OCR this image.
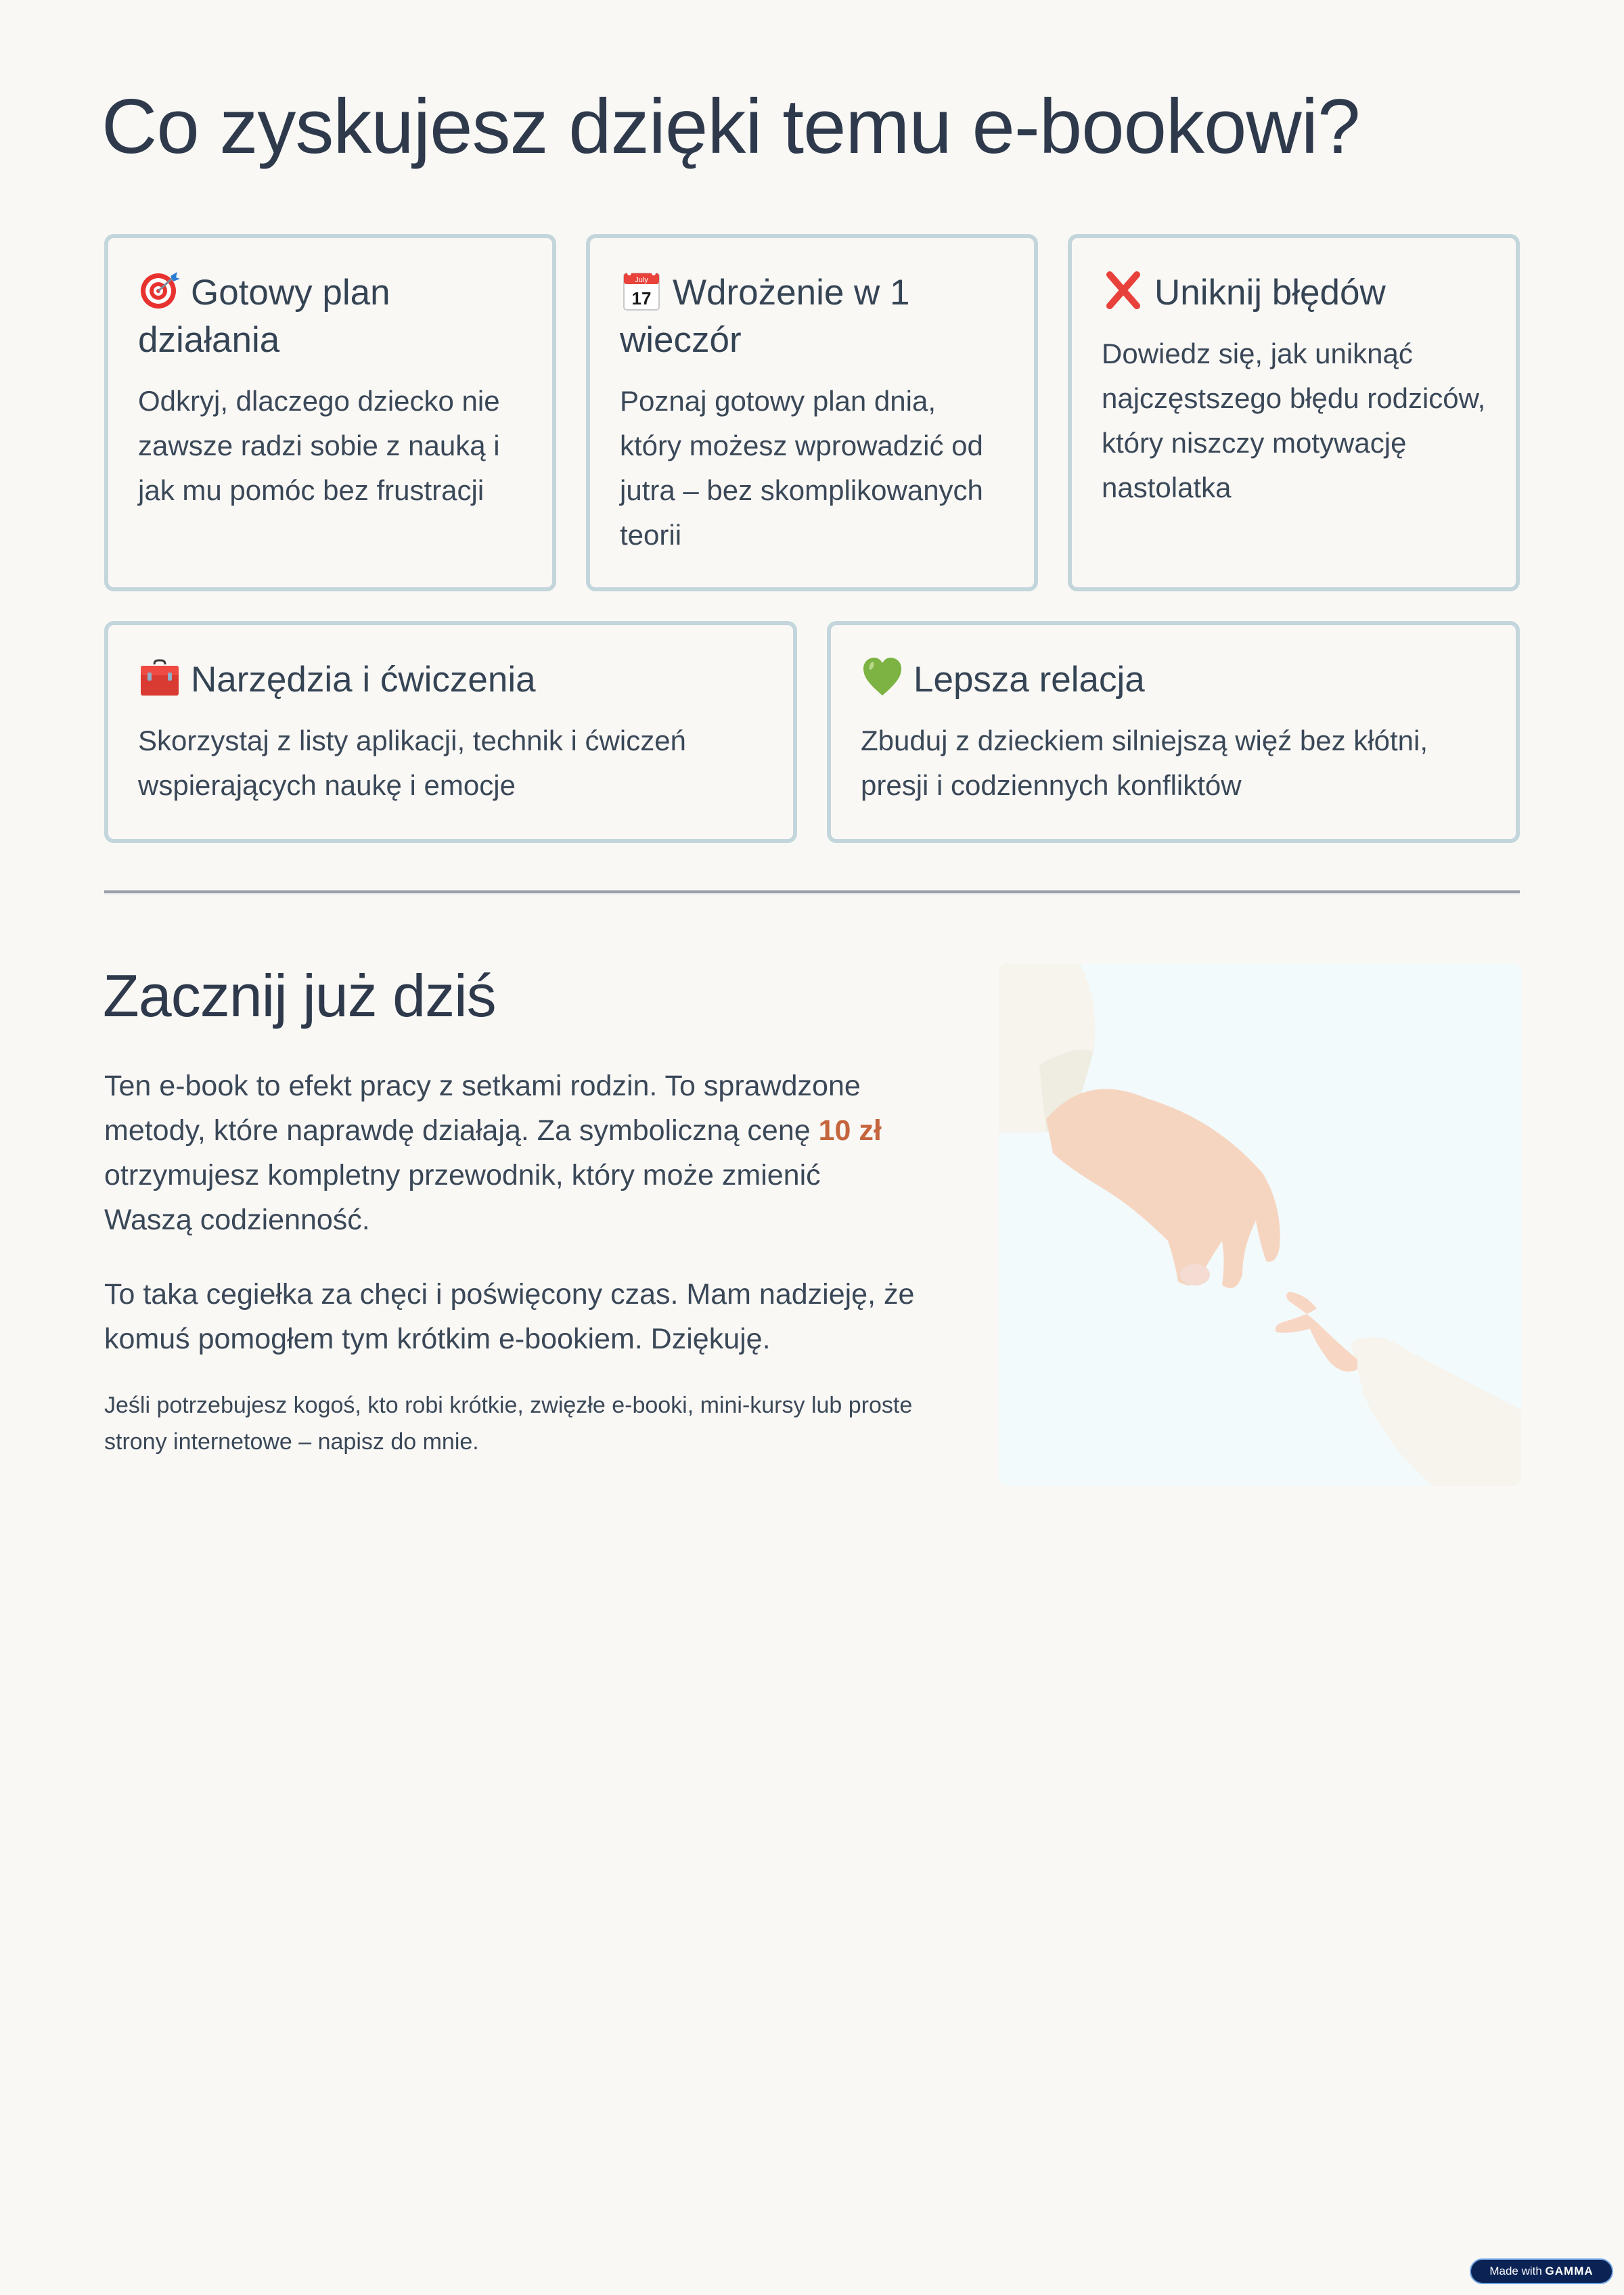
Co zyskujesz dzięki temu e-bookowi?
Gotowy plan działania

Odkryj, dlaczego dziecko nie zawsze radzi sobie z nauką i jak mu pomóc bez frustracji

July
17 Wdrożenie w 1 wieczór

Poznaj gotowy plan dnia, który możesz wprowadzić od jutra – bez skomplikowanych teorii

Uniknij błędów

Dowiedz się, jak uniknąć najczęstszego błędu rodziców, który niszczy motywację nastolatka

Narzędzia i ćwiczenia

Skorzystaj z listy aplikacji, technik i ćwiczeń wspierających naukę i emocje

Lepsza relacja

Zbuduj z dzieckiem silniejszą więź bez kłótni, presji i codziennych konfliktów

Zacznij już dziś

Ten e-book to efekt pracy z setkami rodzin. To sprawdzone metody, które naprawdę działają. Za symboliczną cenę 10 zł otrzymujesz kompletny przewodnik, który może zmienić Waszą codzienność.

To taka cegiełka za chęci i poświęcony czas. Mam nadzieję, że komuś pomogłem tym krótkim e-bookiem. Dziękuję.

Jeśli potrzebujesz kogoś, kto robi krótkie, zwięzłe e-booki, mini-kursy lub proste strony internetowe – napisz do mnie.

Made with GAMMA
